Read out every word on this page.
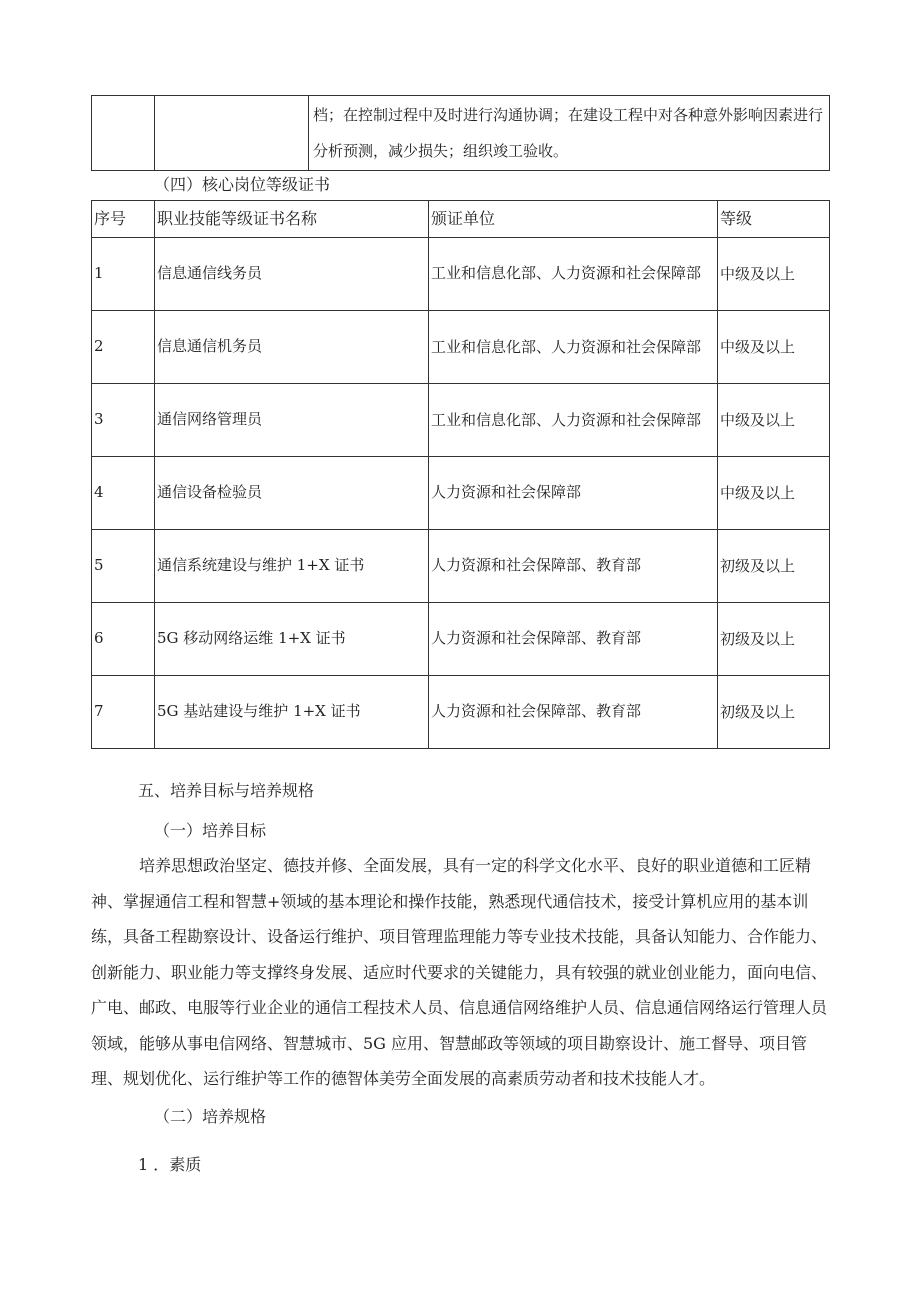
档；在控制过程中及时进行沟通协调；在建设工程中对各种意外影响因素进行分析预测，减少损失；组织竣工验收。
（四）核心岗位等级证书
序号	职业技能等级证书名称	颁证单位	等级
1	信息通信线务员	工业和信息化部、人力资源和社会保障部	中级及以上
2	信息通信机务员	工业和信息化部、人力资源和社会保障部	中级及以上
3	通信网络管理员	工业和信息化部、人力资源和社会保障部	中级及以上
4	通信设备检验员	人力资源和社会保障部	中级及以上
5	通信系统建设与维护 1+X 证书	人力资源和社会保障部、教育部	初级及以上
6	5G 移动网络运维 1+X 证书	人力资源和社会保障部、教育部	初级及以上
7	5G 基站建设与维护 1+X 证书	人力资源和社会保障部、教育部	初级及以上
五、培养目标与培养规格
（一）培养目标

培养思想政治坚定、德技并修、全面发展，具有一定的科学文化水平、良好的职业道德和工匠精神、掌握通信工程和智慧+领域的基本理论和操作技能，熟悉现代通信技术，接受计算机应用的基本训练，具备工程勘察设计、设备运行维护、项目管理监理能力等专业技术技能，具备认知能力、合作能力、创新能力、职业能力等支撑终身发展、适应时代要求的关键能力，具有较强的就业创业能力，面向电信、广电、邮政、电服等行业企业的通信工程技术人员、信息通信网络维护人员、信息通信网络运行管理人员领域，能够从事电信网络、智慧城市、5G 应用、智慧邮政等领域的项目勘察设计、施工督导、项目管理、规划优化、运行维护等工作的德智体美劳全面发展的高素质劳动者和技术技能人才。

（二）培养规格
1 ．素质
